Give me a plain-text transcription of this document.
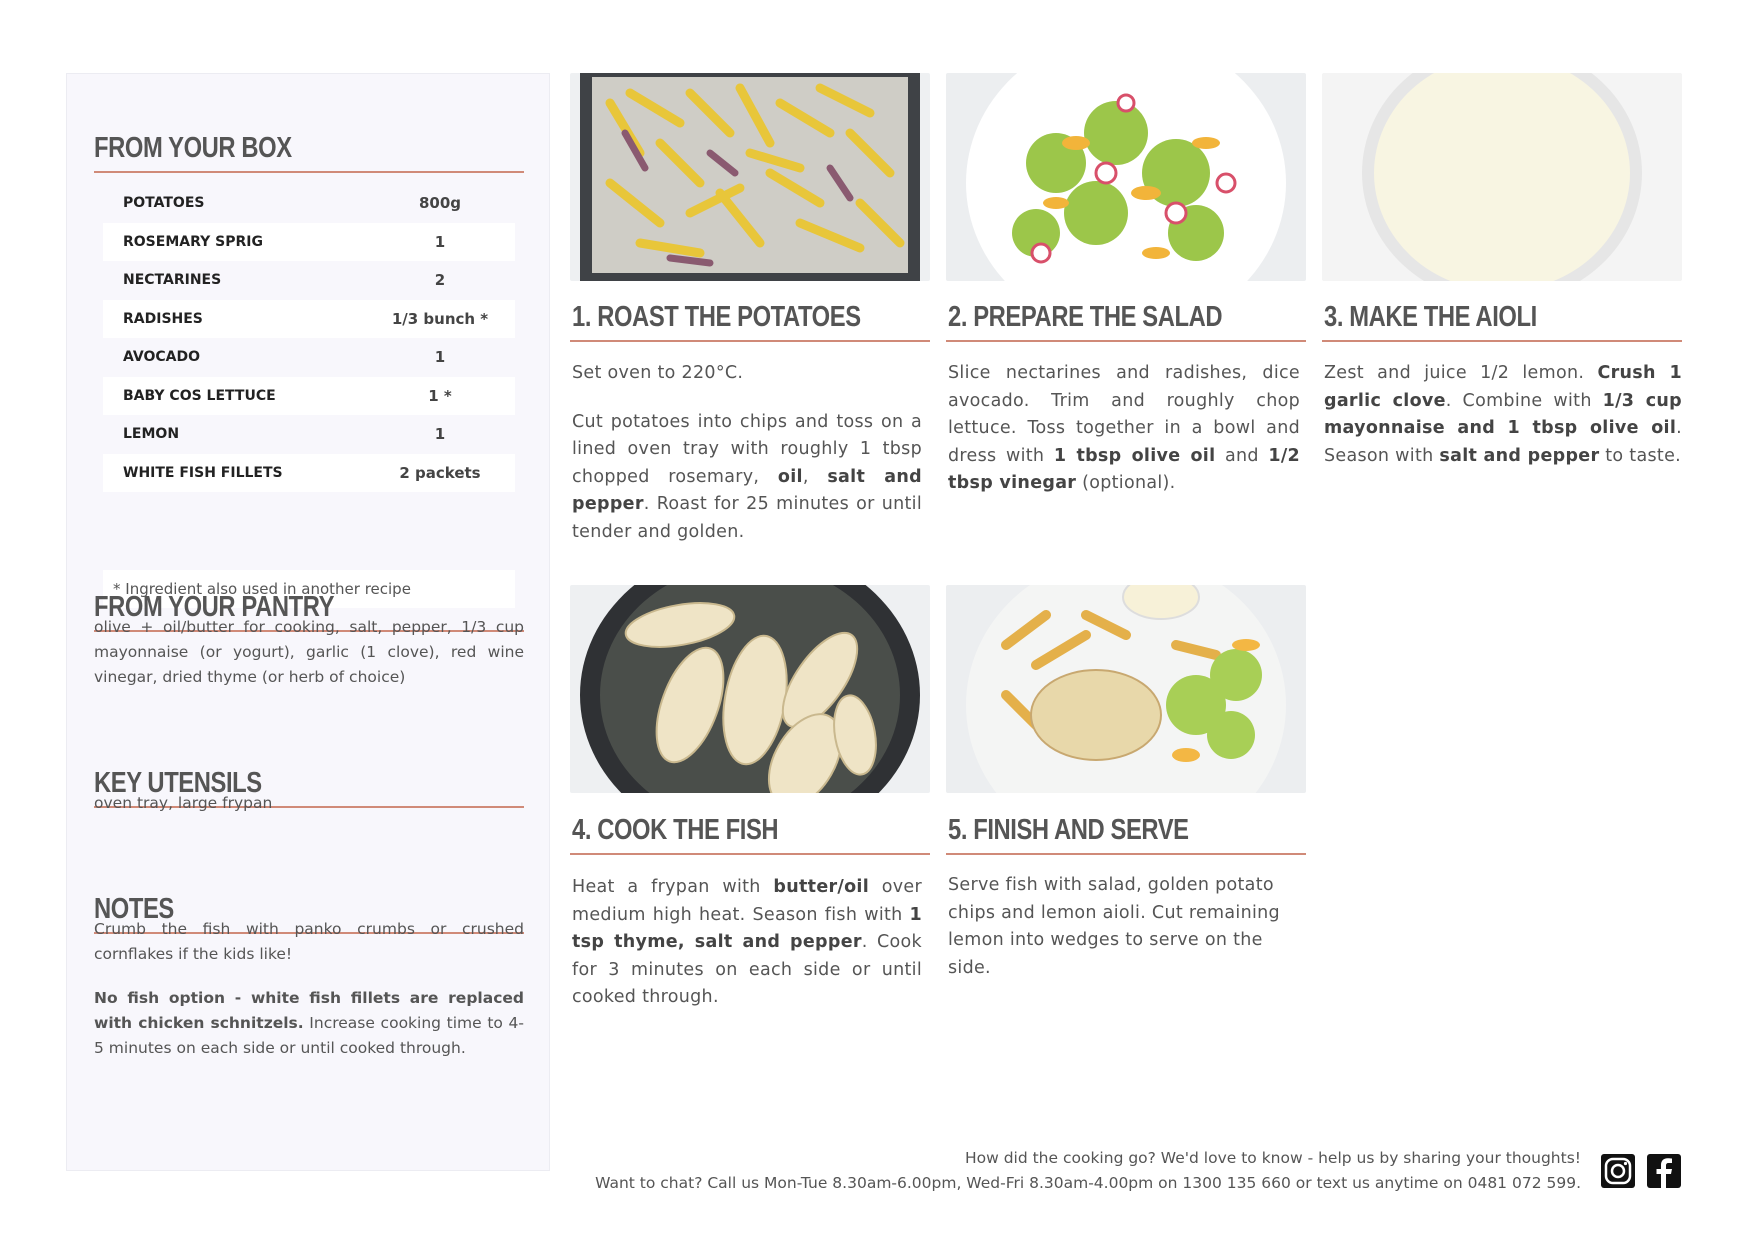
FROM YOUR BOX
POTATOES	800g
ROSEMARY SPRIG	1
NECTARINES	2
RADISHES	1/3 bunch *
AVOCADO	1
BABY COS LETTUCE	1 *
LEMON	1
WHITE FISH FILLETS	2 packets
* Ingredient also used in another recipe
FROM YOUR PANTRY
olive + oil/butter for cooking, salt, pepper, 1/3 cup mayonnaise (or yogurt), garlic (1 clove), red wine vinegar, dried thyme (or herb of choice)
KEY UTENSILS
oven tray, large frypan
NOTES
Crumb the fish with panko crumbs or crushed cornflakes if the kids like!
No fish option - white fish fillets are replaced with chicken schnitzels. Increase cooking time to 4-5 minutes on each side or until cooked through.
1. ROAST THE POTATOES

Set oven to 220°C.

Cut potatoes into chips and toss on a lined oven tray with roughly 1 tbsp chopped rosemary, oil, salt and pepper. Roast for 25 minutes or until tender and golden.

2. PREPARE THE SALAD

Slice nectarines and radishes, dice avocado. Trim and roughly chop lettuce. Toss together in a bowl and dress with 1 tbsp olive oil and 1/2 tbsp vinegar (optional).

3. MAKE THE AIOLI

Zest and juice 1/2 lemon. Crush 1 garlic clove. Combine with 1/3 cup mayonnaise and 1 tbsp olive oil. Season with salt and pepper to taste.

4. COOK THE FISH

Heat a frypan with butter/oil over medium high heat. Season fish with 1 tsp thyme, salt and pepper. Cook for 3 minutes on each side or until cooked through.

5. FINISH AND SERVE

Serve fish with salad, golden potato chips and lemon aioli. Cut remaining lemon into wedges to serve on the side.

How did the cooking go? We'd love to know - help us by sharing your thoughts!
Want to chat? Call us Mon-Tue 8.30am-6.00pm, Wed-Fri 8.30am-4.00pm on 1300 135 660 or text us anytime on 0481 072 599.
